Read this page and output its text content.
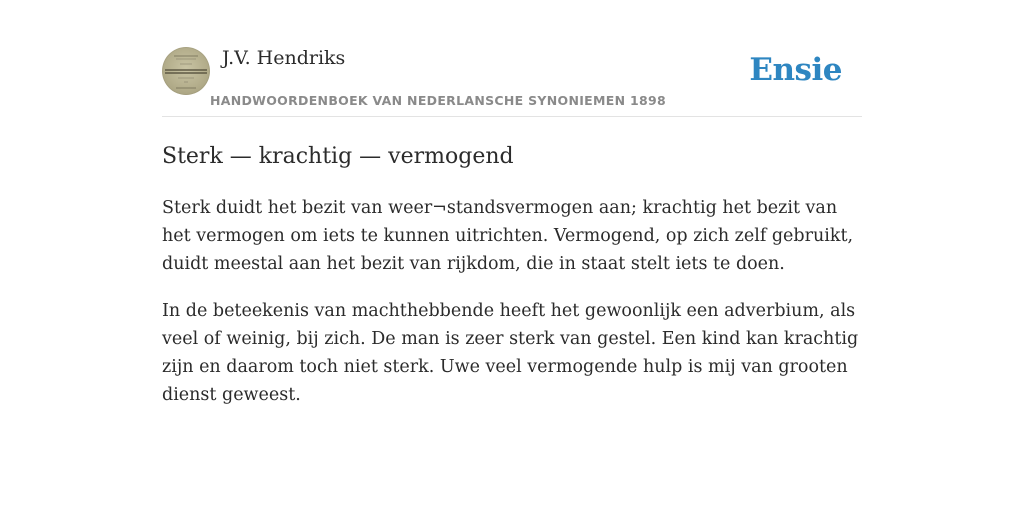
J.V. Hendriks
HANDWOORDENBOEK VAN NEDERLANSCHE SYNONIEMEN 1898
Ensie
Sterk — krachtig — vermogend

Sterk duidt het bezit van weer¬standsvermogen aan; krachtig het bezit van het vermogen om iets te kunnen uitrichten. Vermogend, op zich zelf gebruikt, duidt meestal aan het bezit van rijkdom, die in staat stelt iets te doen.

In de beteekenis van machthebbende heeft het gewoonlijk een adverbium, als veel of weinig, bij zich. De man is zeer sterk van gestel. Een kind kan krachtig zijn en daarom toch niet sterk. Uwe veel vermogende hulp is mij van grooten dienst geweest.
